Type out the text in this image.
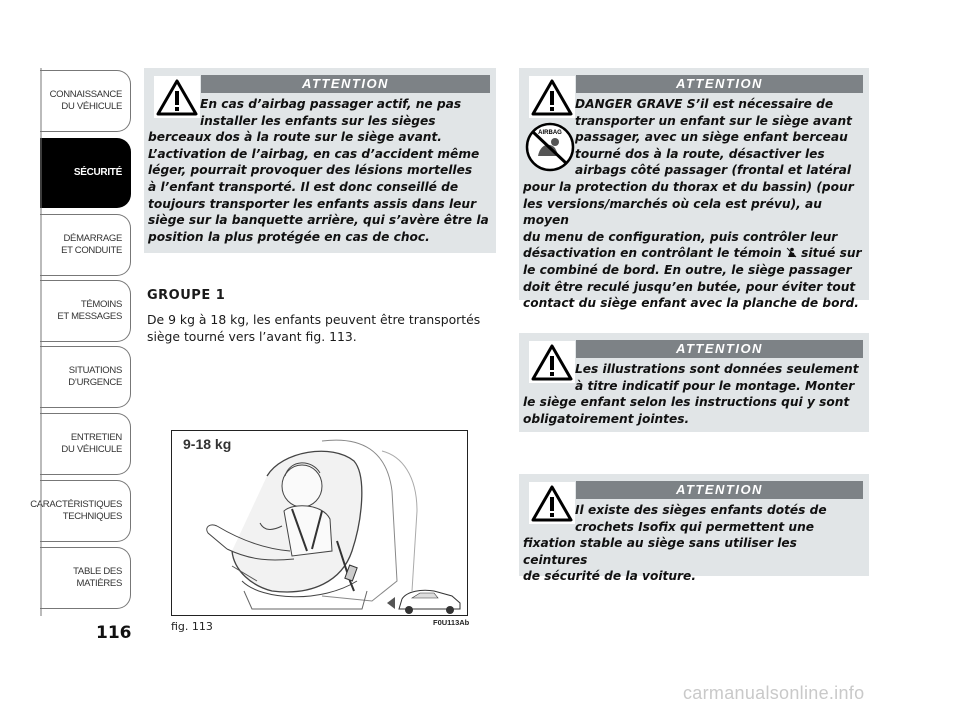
CONNAISSANCE
DU VÉHICULE
SÉCURITÉ
DÉMARRAGE
ET CONDUITE
TÉMOINS
ET MESSAGES
SITUATIONS
D’URGENCE
ENTRETIEN
DU VÉHICULE
CARACTÉRISTIQUES
TECHNIQUES
TABLE DES
MATIÈRES
116
ATTENTION

En cas d’airbag passager actif, ne pas

installer les enfants sur les sièges

berceaux dos à la route sur le siège avant.

L’activation de l’airbag, en cas d’accident même

léger, pourrait provoquer des lésions mortelles

à l’enfant transporté. Il est donc conseillé de

toujours transporter les enfants assis dans leur

siège sur la banquette arrière, qui s’avère être la

position la plus protégée en cas de choc.

GROUPE 1
De 9 kg à 18 kg, les enfants peuvent être transportés siège tourné vers l’avant fig. 113.
9-18 kg
fig. 113	F0U113Ab
AIRBAG
ATTENTION

DANGER GRAVE S’il est nécessaire de

transporter un enfant sur le siège avant

passager, avec un siège enfant berceau

tourné dos à la route, désactiver les

airbags côté passager (frontal et latéral

pour la protection du thorax et du bassin) (pour

les versions/marchés où cela est prévu), au moyen

du menu de configuration, puis contrôler leur

désactivation en contrôlant le témoin  situé sur

le combiné de bord. En outre, le siège passager

doit être reculé jusqu’en butée, pour éviter tout

contact du siège enfant avec la planche de bord.

ATTENTION

Les illustrations sont données seulement

à titre indicatif pour le montage. Monter

le siège enfant selon les instructions qui y sont

obligatoirement jointes.

ATTENTION

Il existe des sièges enfants dotés de

crochets Isofix qui permettent une

fixation stable au siège sans utiliser les ceintures

de sécurité de la voiture.

carmanualsonline.info
